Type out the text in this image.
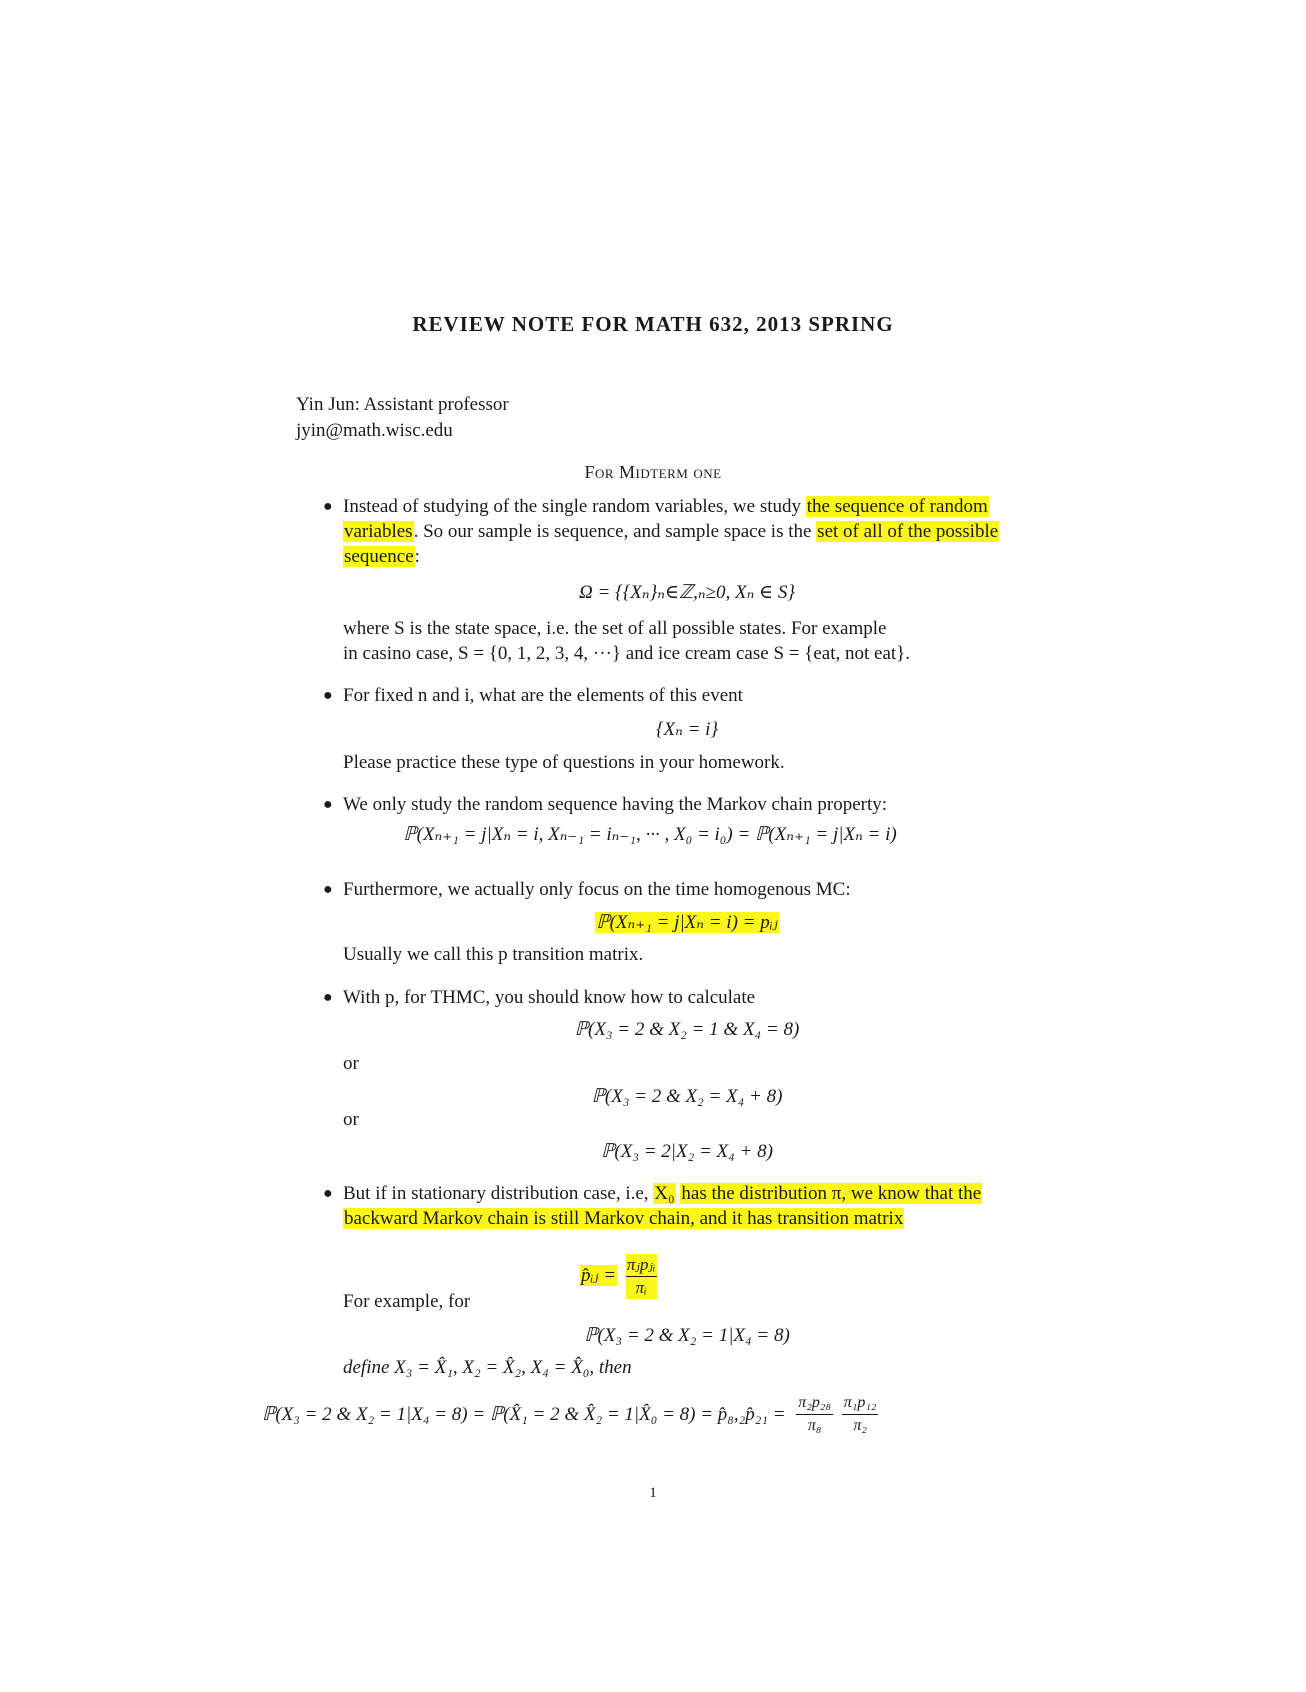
REVIEW NOTE FOR MATH 632, 2013 SPRING
Yin Jun: Assistant professor
jyin@math.wisc.edu
For Midterm one
● Instead of studying of the single random variables, we study the sequence of random variables. So our sample is sequence, and sample space is the set of all of the possible sequence:
Ω = {{Xₙ}ₙ∈ℤ,ₙ≥0, Xₙ ∈ S}
where S is the state space, i.e. the set of all possible states. For example
in casino case, S = {0, 1, 2, 3, 4, ···} and ice cream case S = {eat, not eat}.
● For fixed n and i, what are the elements of this event
{Xₙ = i}
Please practice these type of questions in your homework.
● We only study the random sequence having the Markov chain property:
ℙ(Xₙ₊₁ = j|Xₙ = i, Xₙ₋₁ = iₙ₋₁, ··· , X₀ = i₀) = ℙ(Xₙ₊₁ = j|Xₙ = i)
● Furthermore, we actually only focus on the time homogenous MC:
ℙ(Xₙ₊₁ = j|Xₙ = i) = pᵢⱼ
Usually we call this p transition matrix.
● With p, for THMC, you should know how to calculate
ℙ(X₃ = 2 & X₂ = 1 & X₄ = 8)
or
ℙ(X₃ = 2 & X₂ = X₄ + 8)
or
ℙ(X₃ = 2|X₂ = X₄ + 8)
● But if in stationary distribution case, i.e, X₀ has the distribution π, we know that the backward Markov chain is still Markov chain, and it has transition matrix
p̂ᵢⱼ =
πⱼpⱼᵢ
πᵢ
For example, for
ℙ(X₃ = 2 & X₂ = 1|X₄ = 8)
define X₃ = X̂₁, X₂ = X̂₂, X₄ = X̂₀, then
ℙ(X₃ = 2 & X₂ = 1|X₄ = 8) = ℙ(X̂₁ = 2 & X̂₂ = 1|X̂₀ = 8) = p̂₈,₂p̂₂₁ = $\frac{\text{π₂p₂₈}}{\text{π₈}}$
$\frac{\text{π₁p₁₂}}{\text{π₂}}$
1
